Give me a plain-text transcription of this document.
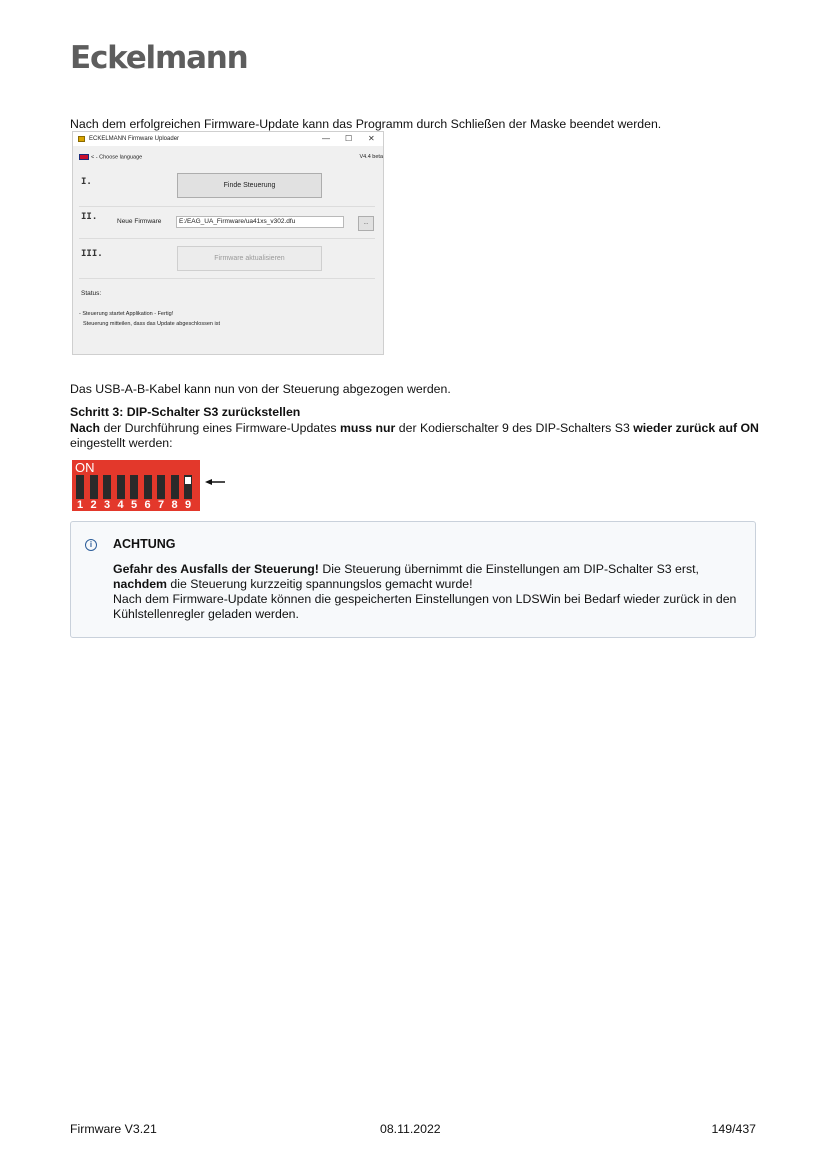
Eckelmann
Nach dem erfolgreichen Firmware-Update kann das Programm durch Schließen der Maske beendet werden.
ECKELMANN Firmware Uploader	— ☐ ✕
< - Choose language	V4.4 beta
I.	Finde Steuerung
II.	Neue Firmware	E:/EAG_UA_Firmware/ua41xs_v302.dfu	...
III.	Firmware aktualisieren
Status:
- Steuerung startet Applikation - Fertig!
Steuerung mitteilen, dass das Update abgeschlossen ist
Das USB-A-B-Kabel kann nun von der Steuerung abgezogen werden.
Schritt 3: DIP-Schalter S3 zurückstellen
Nach der Durchführung eines Firmware-Updates muss nur der Kodierschalter 9 des DIP-Schalters S3 wieder zurück auf ON eingestellt werden:
ON
1 2 3 4 5 6 7 8 9
i	ACHTUNG
Gefahr des Ausfalls der Steuerung! Die Steuerung übernimmt die Einstellungen am DIP-Schalter S3 erst, nachdem die Steuerung kurzzeitig spannungslos gemacht wurde!
Nach dem Firmware-Update können die gespeicherten Einstellungen von LDSWin bei Bedarf wieder zurück in den Kühlstellenregler geladen werden.
Firmware V3.21	08.11.2022	149/437
